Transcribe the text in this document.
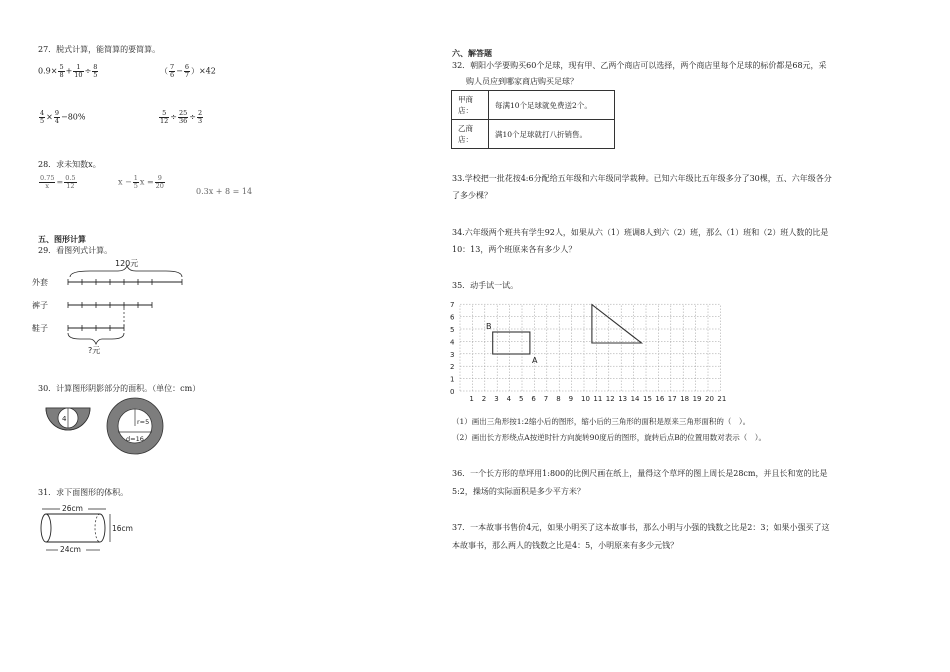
27．脱式计算，能简算的要简算。
$0.9\times \frac{5}{8} + \frac{1}{10} \div \frac{8}{5}$	（ $\frac{7}{6} - \frac{6}{7} )\times 42$
$\frac{4}{5} \times \frac{9}{4} -80\%$	$\frac{5}{12} \div \frac{25}{36} \div \frac{2}{3}$
28．求未知数x。
$\frac{0.75}{x} = \frac{0.5}{12}$	$x - \frac{1}{5}$ $x = \frac{9}{20}$
0.3x + 8 = 14
五、图形计算
29．看图列式计算。
120元
外套
裤子
鞋子
?元
30．计算图形阴影部分的面积。（单位：cm）
4	r=5
d=16
31．求下面图形的体积。
26cm
16cm
24cm
六、解答题
32．朝阳小学要购买60个足球，现有甲、乙两个商店可以选择，两个商店里每个足球的标价都是68元，采
购人员应到哪家商店购买足球？
甲商店：	每满10个足球就免费送2个。
乙商店：	满10个足球就打八折销售。
33.学校把一批花按4:6分配给五年级和六年级同学栽种。已知六年级比五年级多分了30棵，五、六年级各分
了多少棵？
34.六年级两个班共有学生92人，如果从六（1）班调8人到六（2）班，那么（1）班和（2）班人数的比是
10：13，两个班原来各有多少人？
35．动手试一试。
0
1
2
3
4
5
6
7
1 2 3 4 5 6 7 8 9 10 11 12 13 14 15 16 17 18 19 20 21
B
A
（1）画出三角形按1:2缩小后的图形，缩小后的三角形的面积是原来三角形面积的（　）。
（2）画出长方形绕点A按逆时针方向旋转90度后的图形，旋转后点B的位置用数对表示（　）。
36．一个长方形的草坪用1:800的比例尺画在纸上，量得这个草坪的图上周长是28cm，并且长和宽的比是
5:2，操场的实际面积是多少平方米？
37．一本故事书售价4元，如果小明买了这本故事书，那么小明与小强的钱数之比是2：3；如果小强买了这
本故事书，那么两人的钱数之比是4：5，小明原来有多少元钱？
